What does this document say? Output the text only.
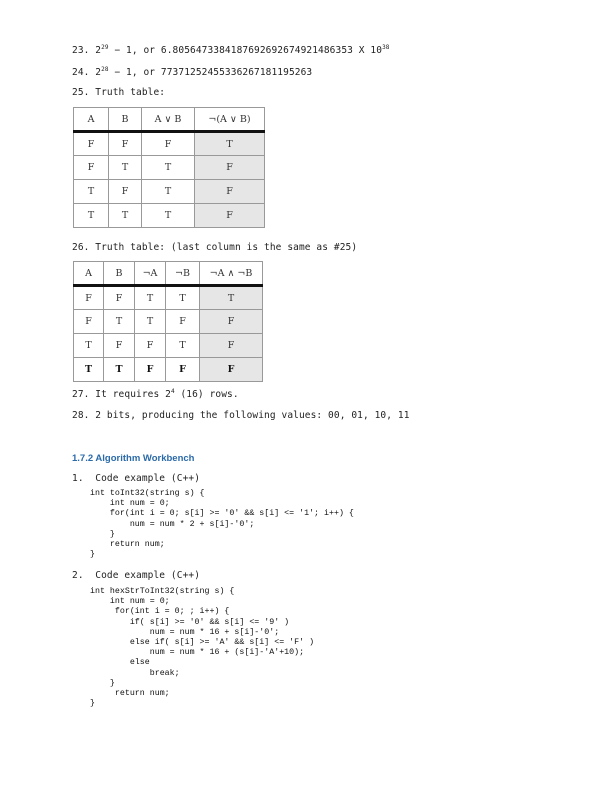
23. $2^{29} - 1$, or 6.805647338418769269267492148635​3 X $10^{38}$
24. $2^{28} - 1$, or 77371252455336267181195263
25. Truth table:
A	B	A ∨ B	¬(A ∨ B)
F	F	F	T
F	T	T	F
T	F	T	F
T	T	T	F
26. Truth table: (last column is the same as #25)
A	B	¬A	¬B	¬A ∧ ¬B
F	F	T	T	T
F	T	T	F	F
T	F	F	T	F
T	T	F	F	F
27. It requires $2^4$ (16) rows.
28. 2 bits, producing the following values: 00, 01, 10, 11
1.7.2 Algorithm Workbench
1.  Code example (C++)
int toInt32(string s) {
int num = 0;
for(int i = 0; s[i] >= '0' && s[i] <= '1'; i++) {
num = num * 2 + s[i]-'0';
}
return num;
}
2.  Code example (C++)
int hexStrToInt32(string s) {
int num = 0;
for(int i = 0; ; i++) {
if( s[i] >= '0' && s[i] <= '9' )
num = num * 16 + s[i]-'0';
else if( s[i] >= 'A' && s[i] <= 'F' )
num = num * 16 + (s[i]-'A'+10);
else
break;
}
return num;
}
